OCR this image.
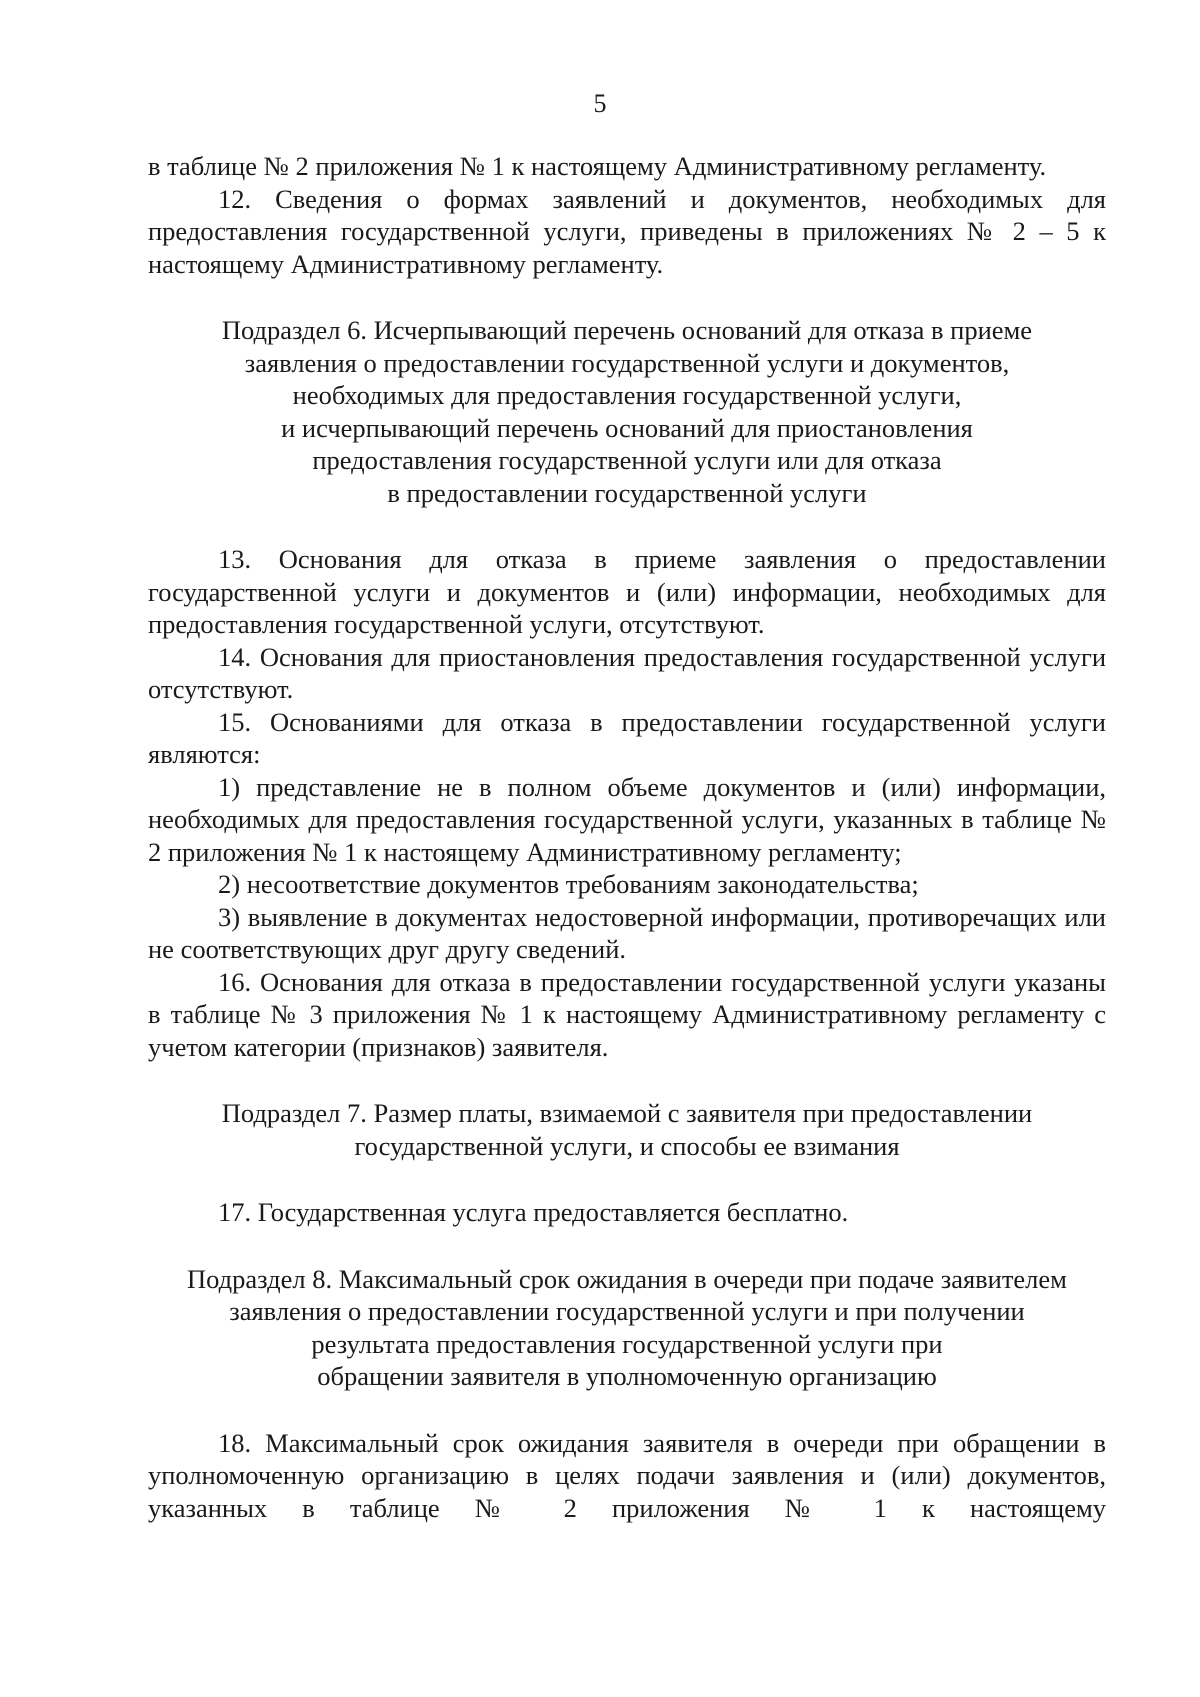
5

в таблице № 2 приложения № 1 к настоящему Административному регламенту.

12. Сведения о формах заявлений и документов, необходимых для предоставления государственной услуги, приведены в приложениях № 2 – 5 к настоящему Административному регламенту.

Подраздел 6. Исчерпывающий перечень оснований для отказа в приеме
заявления о предоставлении государственной услуги и документов,
необходимых для предоставления государственной услуги,
и исчерпывающий перечень оснований для приостановления
предоставления государственной услуги или для отказа
в предоставлении государственной услуги

13. Основания для отказа в приеме заявления о предоставлении государственной услуги и документов и (или) информации, необходимых для предоставления государственной услуги, отсутствуют.

14. Основания для приостановления предоставления государственной услуги отсутствуют.

15. Основаниями для отказа в предоставлении государственной услуги являются:

1) представление не в полном объеме документов и (или) информации, необходимых для предоставления государственной услуги, указанных в таблице № 2 приложения № 1 к настоящему Административному регламенту;

2) несоответствие документов требованиям законодательства;

3) выявление в документах недостоверной информации, противоречащих или не соответствующих друг другу сведений.

16. Основания для отказа в предоставлении государственной услуги указаны в таблице № 3 приложения № 1 к настоящему Административному регламенту с учетом категории (признаков) заявителя.

Подраздел 7. Размер платы, взимаемой с заявителя при предоставлении
государственной услуги, и способы ее взимания

17. Государственная услуга предоставляется бесплатно.

Подраздел 8. Максимальный срок ожидания в очереди при подаче заявителем
заявления о предоставлении государственной услуги и при получении
результата предоставления государственной услуги при
обращении заявителя в уполномоченную организацию

18. Максимальный срок ожидания заявителя в очереди при обращении в уполномоченную организацию в целях подачи заявления и (или) документов, указанных в таблице № 2 приложения № 1 к настоящему
